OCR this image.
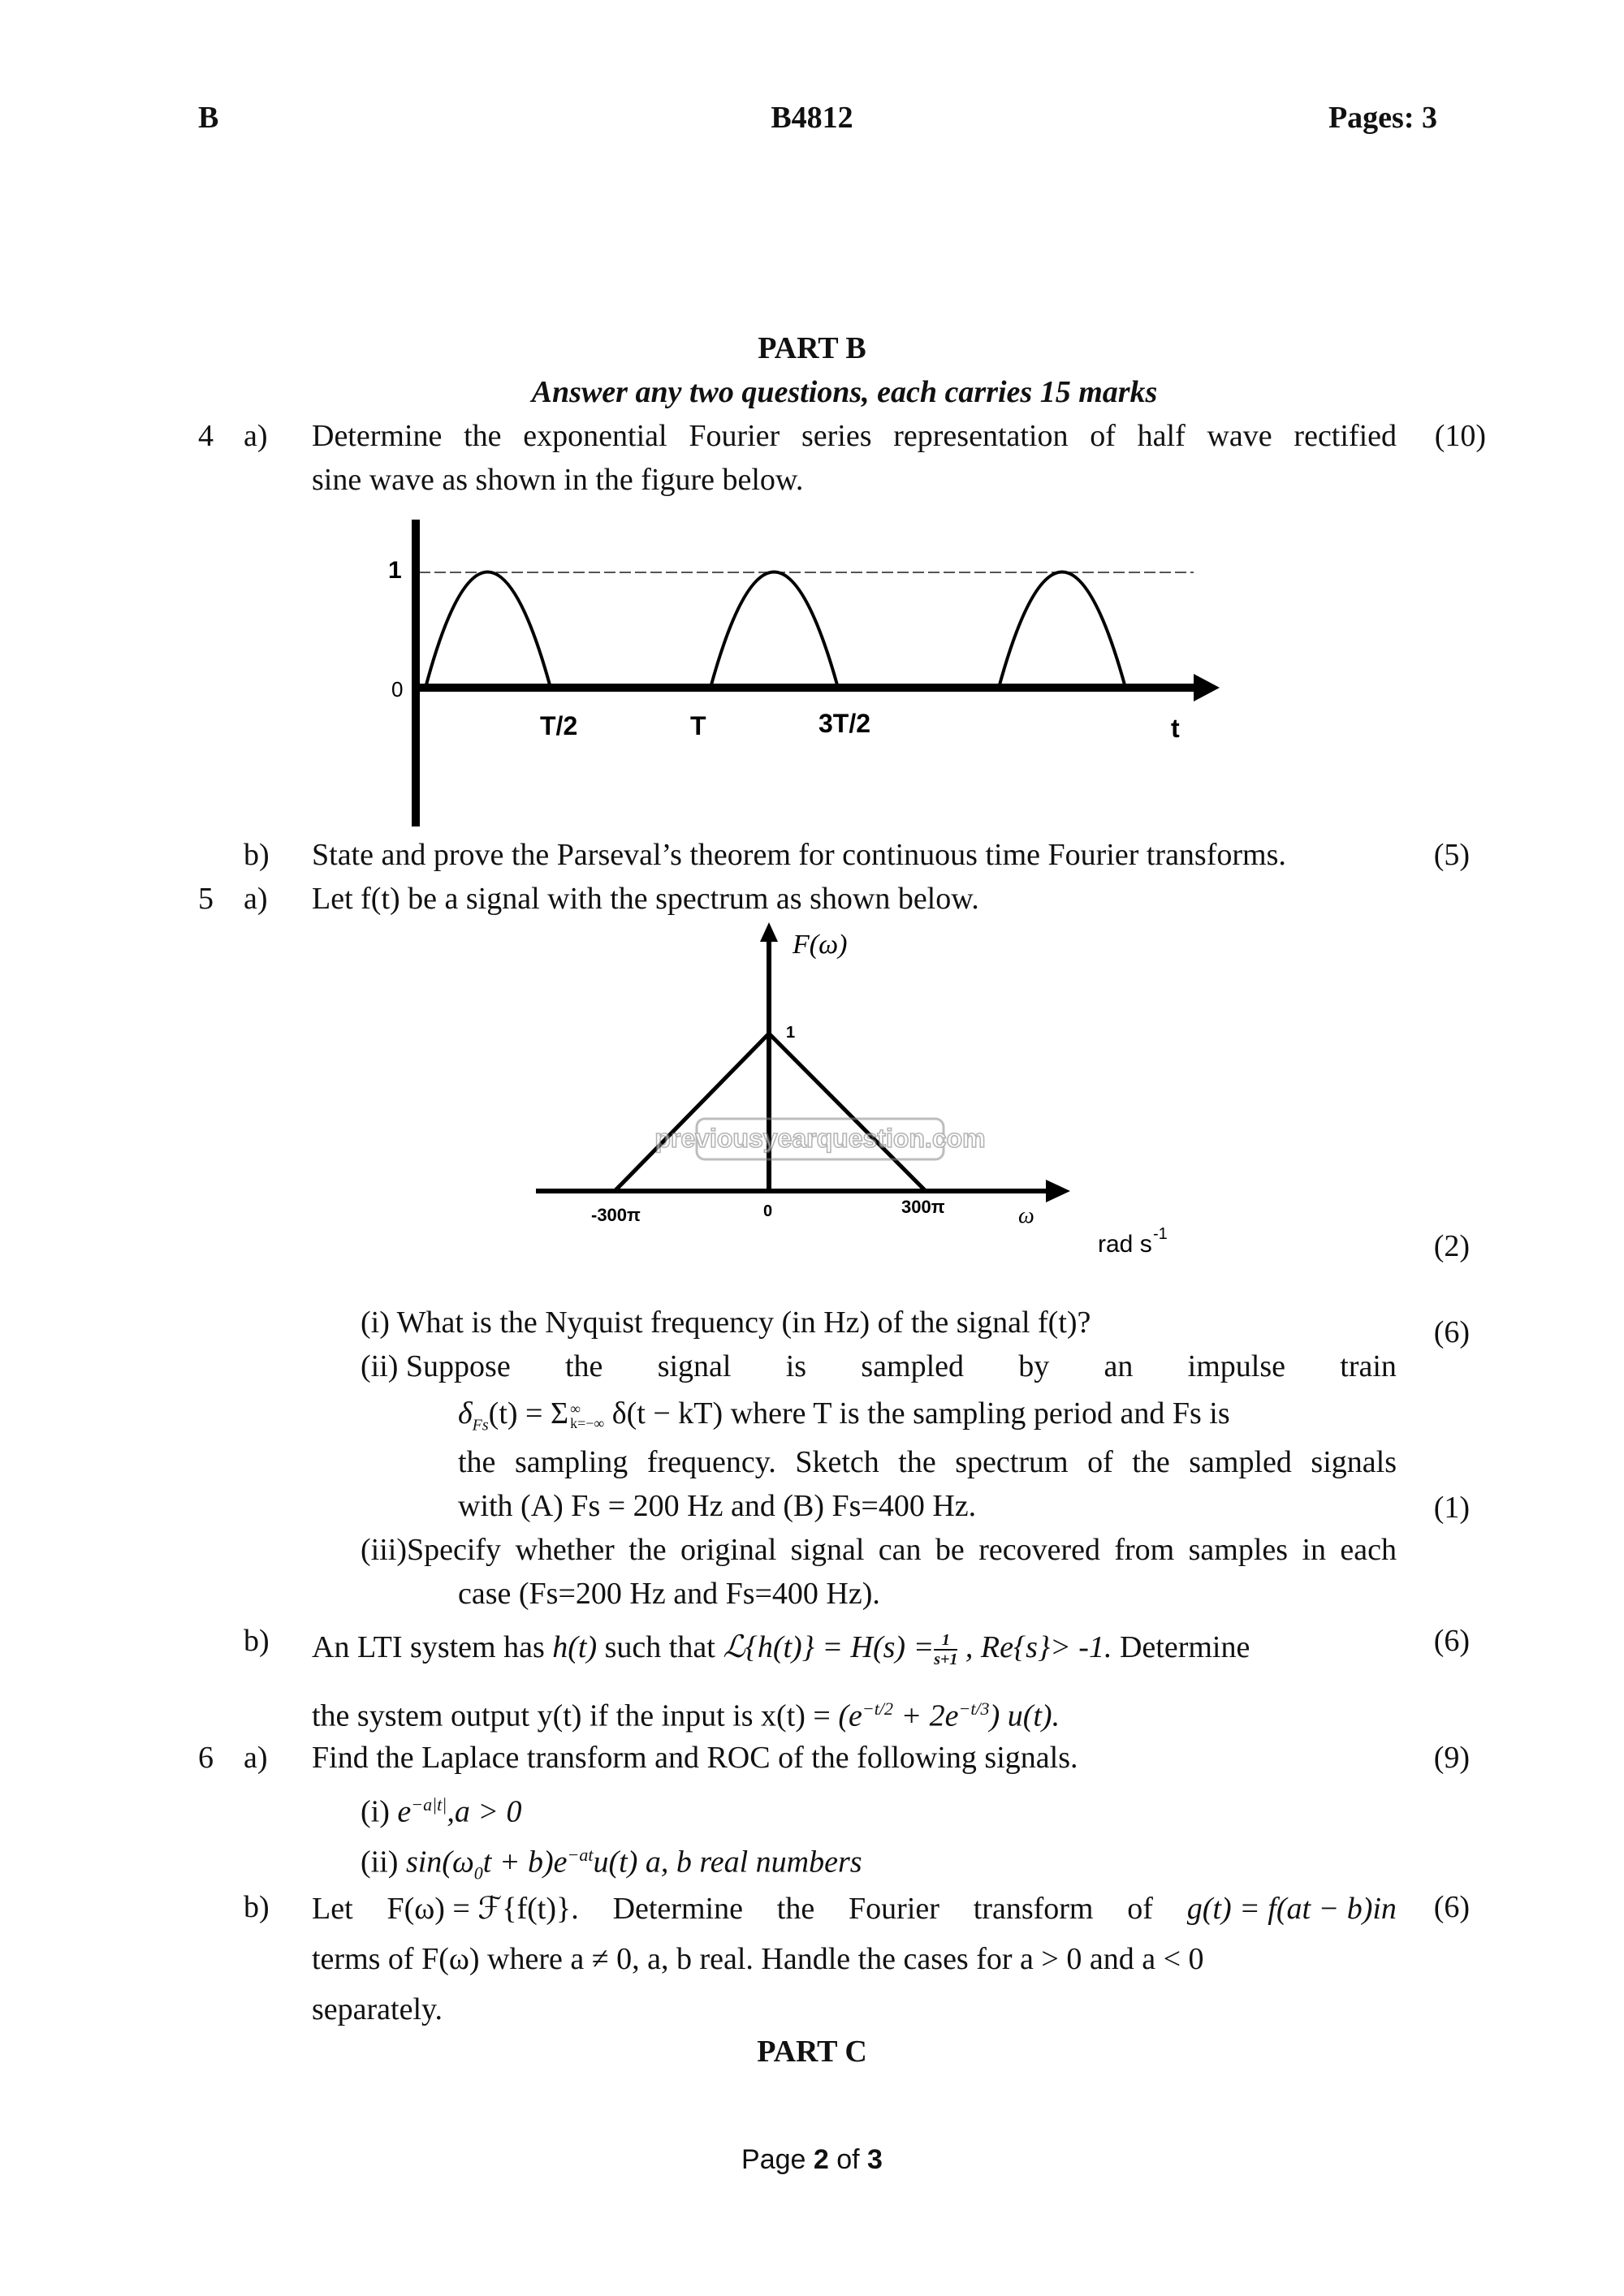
B	B4812	Pages: 3
PART B
Answer any two questions, each carries 15 marks
4 a) Determine the exponential Fourier series representation of half wave rectified
sine wave as shown in the figure below.
(10)
1
0
T/2	T	3T/2	t
b) State and prove the Parseval’s theorem for continuous time Fourier transforms.	(5)
5 a) Let f(t) be a signal with the spectrum as shown below.
F(ω)
1
previousyearquestion.com
-300π	0	300π	ω
rad s -1	(2)
(i) What is the Nyquist frequency (in Hz) of the signal f(t)?	(6)
(ii) Suppose the signal is sampled by an impulse train
$\delta_{Fs}(t) = \Sigma$ ∞
k=−∞ δ(t − kT) where T is the sampling period and Fs is
the sampling frequency. Sketch the spectrum of the sampled signals
with (A) Fs = 200 Hz and (B) Fs=400 Hz.	(1)
(iii)Specify whether the original signal can be recovered from samples in each
case (Fs=200 Hz and Fs=400 Hz).
b) An LTI system has h(t) such that ℒ{h(t)} = $H(s) = \frac{1}{s+1}$ , Re{s}> -1. Determine	(6)
the system output y(t) if the input is $x(t) = (e^{-t/2} + 2e^{-t/3})$ u(t).
6 a) Find the Laplace transform and ROC of the following signals.	(9)
(i) $e^{-a|t|},a > 0$
(ii) $\sin(\omega_0t + b)e^{-at}u(t)$ a, b real numbers
b) Let F(ω) = ℱ{f(t)}. Determine the Fourier transform of g(t) = f(at − b)in	(6)
terms of F(ω) where a ≠ 0, a, b real. Handle the cases for a > 0 and a < 0
separately.
PART C
Page 2 of 3
